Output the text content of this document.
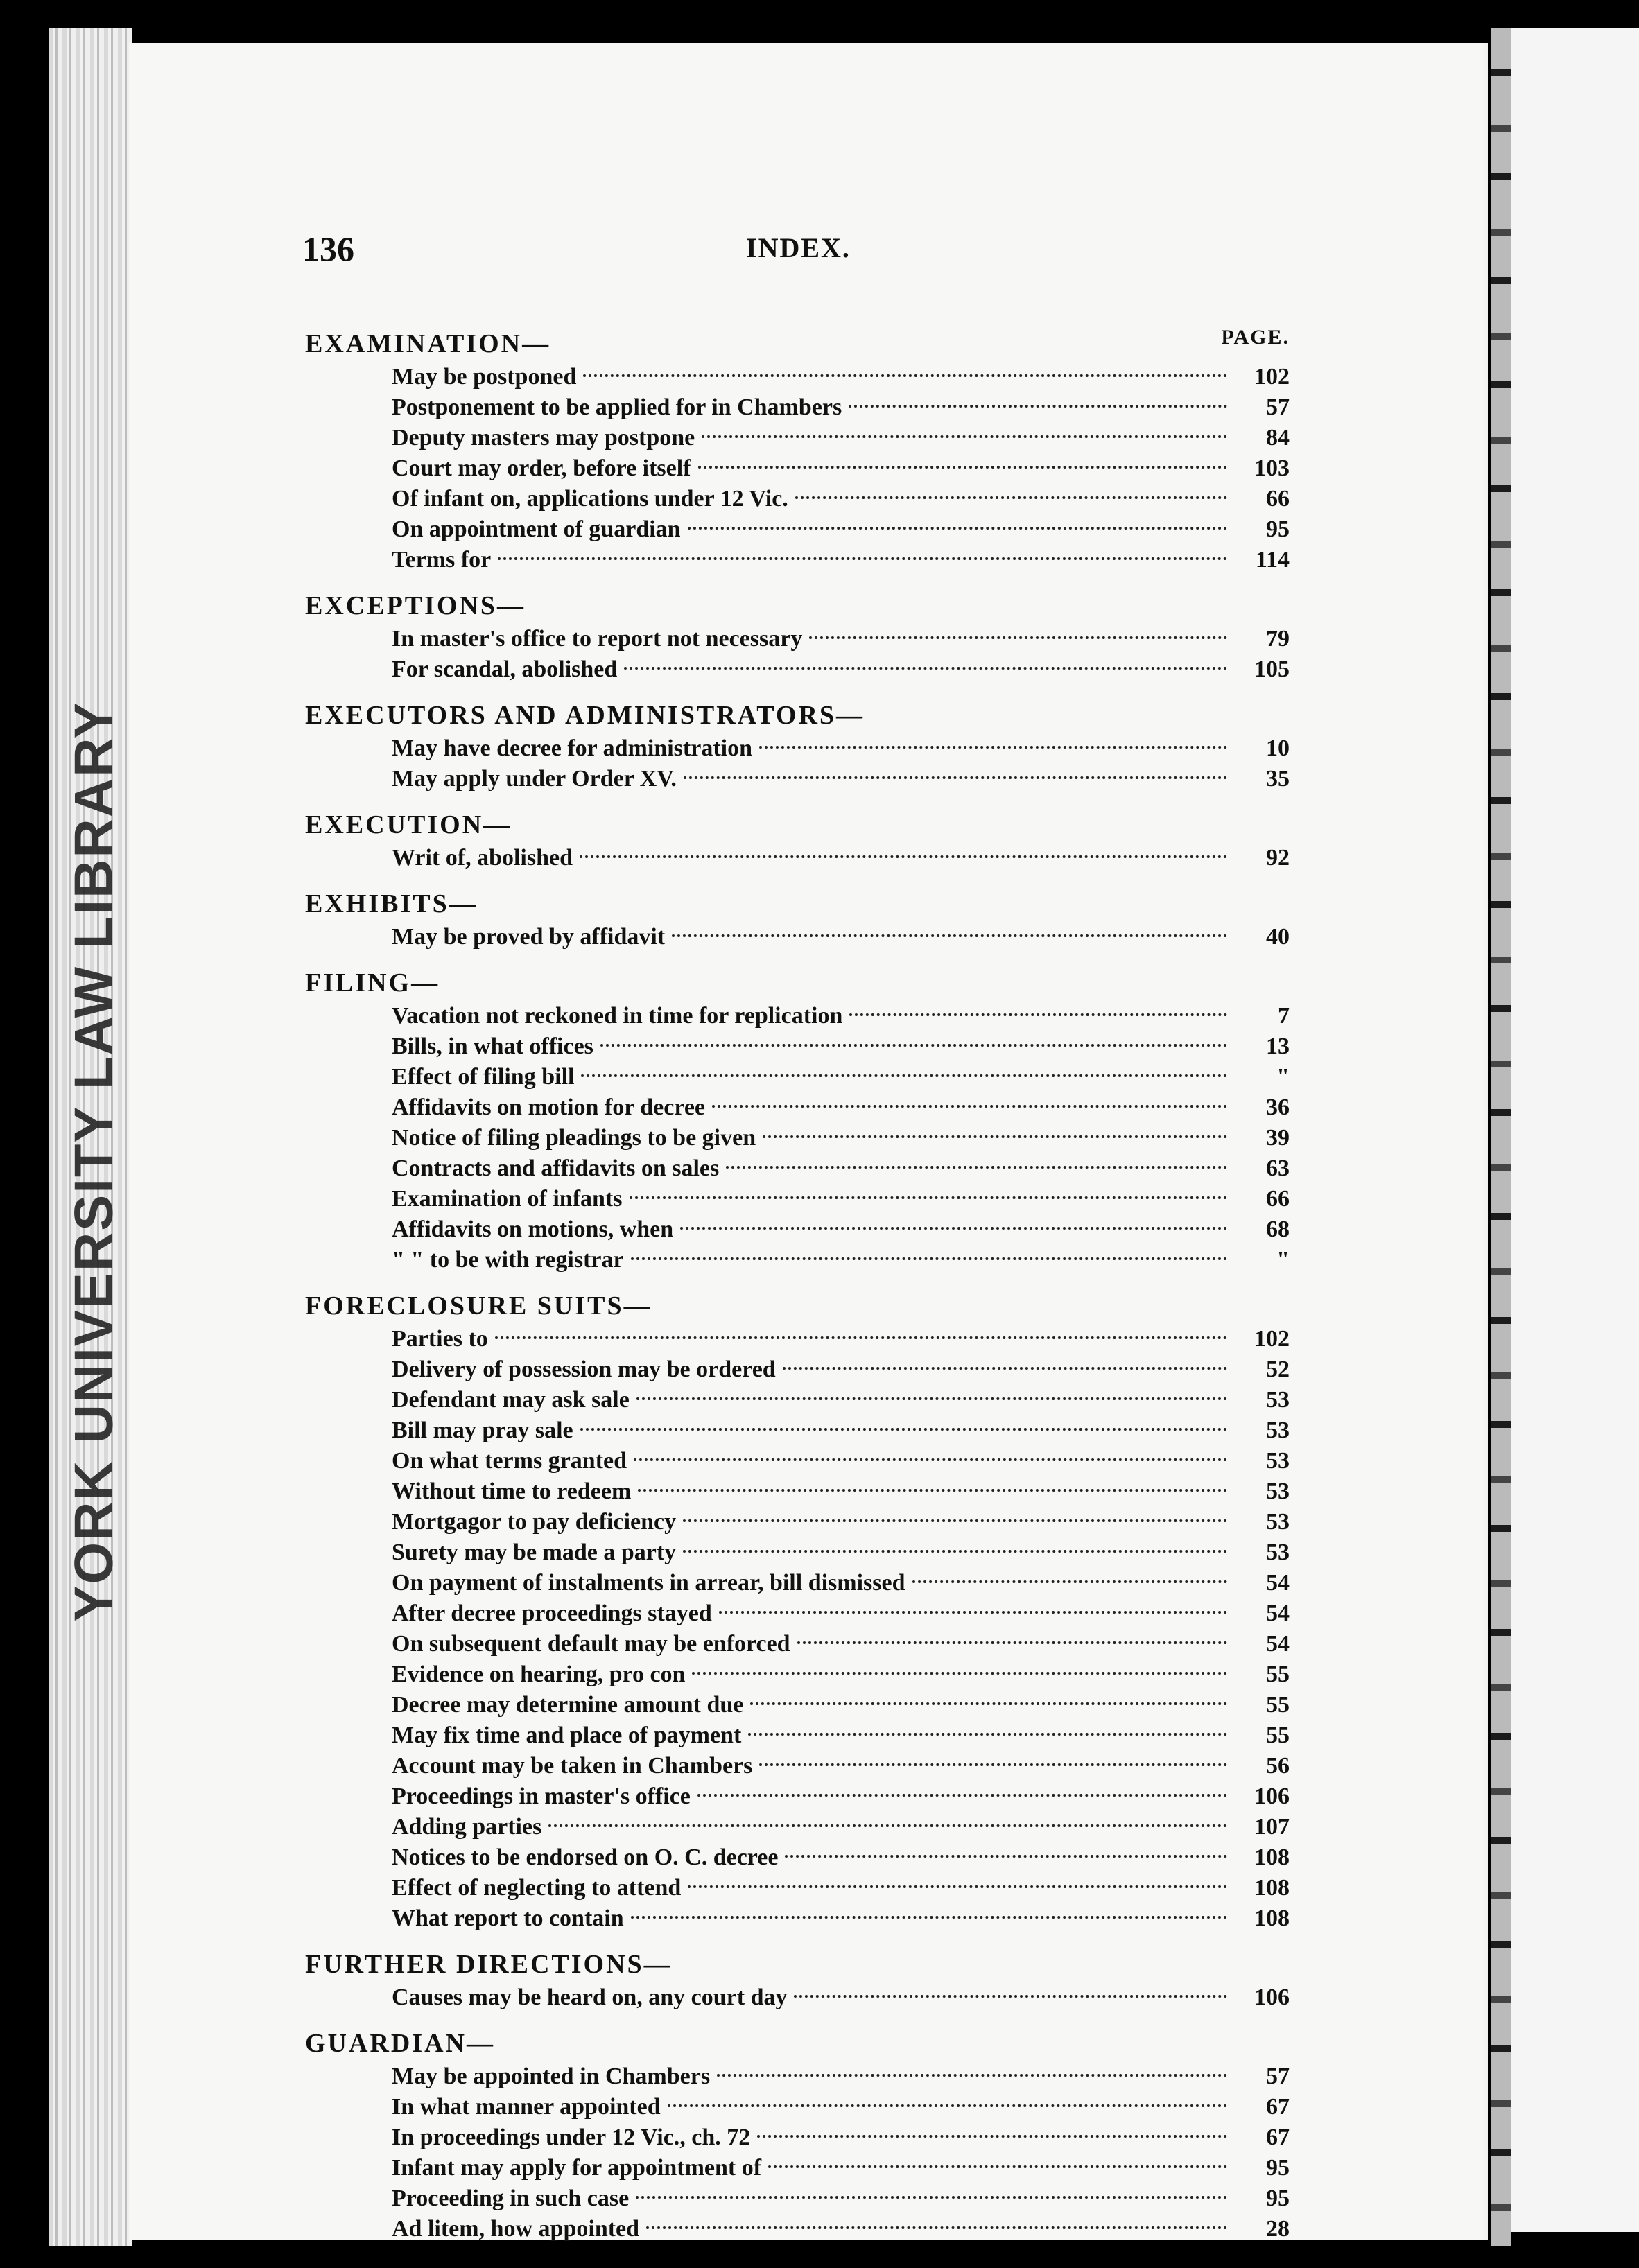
YORK UNIVERSITY LAW LIBRARY
136	INDEX.
PAGE.
EXAMINATION—
May be postponed	102
Postponement to be applied for in Chambers	57
Deputy masters may postpone	84
Court may order, before itself	103
Of infant on, applications under 12 Vic.	66
On appointment of guardian	95
Terms for	114
EXCEPTIONS—
In master's office to report not necessary	79
For scandal, abolished	105
EXECUTORS AND ADMINISTRATORS—
May have decree for administration	10
May apply under Order XV.	35
EXECUTION—
Writ of, abolished	92
EXHIBITS—
May be proved by affidavit	40
FILING—
Vacation not reckoned in time for replication	7
Bills, in what offices	13
Effect of filing bill	"
Affidavits on motion for decree	36
Notice of filing pleadings to be given	39
Contracts and affidavits on sales	63
Examination of infants	66
Affidavits on motions, when	68
" " to be with registrar	"
FORECLOSURE SUITS—
Parties to	102
Delivery of possession may be ordered	52
Defendant may ask sale	53
Bill may pray sale	53
On what terms granted	53
Without time to redeem	53
Mortgagor to pay deficiency	53
Surety may be made a party	53
On payment of instalments in arrear, bill dismissed	54
After decree proceedings stayed	54
On subsequent default may be enforced	54
Evidence on hearing, pro con	55
Decree may determine amount due	55
May fix time and place of payment	55
Account may be taken in Chambers	56
Proceedings in master's office	106
Adding parties	107
Notices to be endorsed on O. C. decree	108
Effect of neglecting to attend	108
What report to contain	108
FURTHER DIRECTIONS—
Causes may be heard on, any court day	106
GUARDIAN—
May be appointed in Chambers	57
In what manner appointed	67
In proceedings under 12 Vic., ch. 72	67
Infant may apply for appointment of	95
Proceeding in such case	95
Ad litem, how appointed	28
